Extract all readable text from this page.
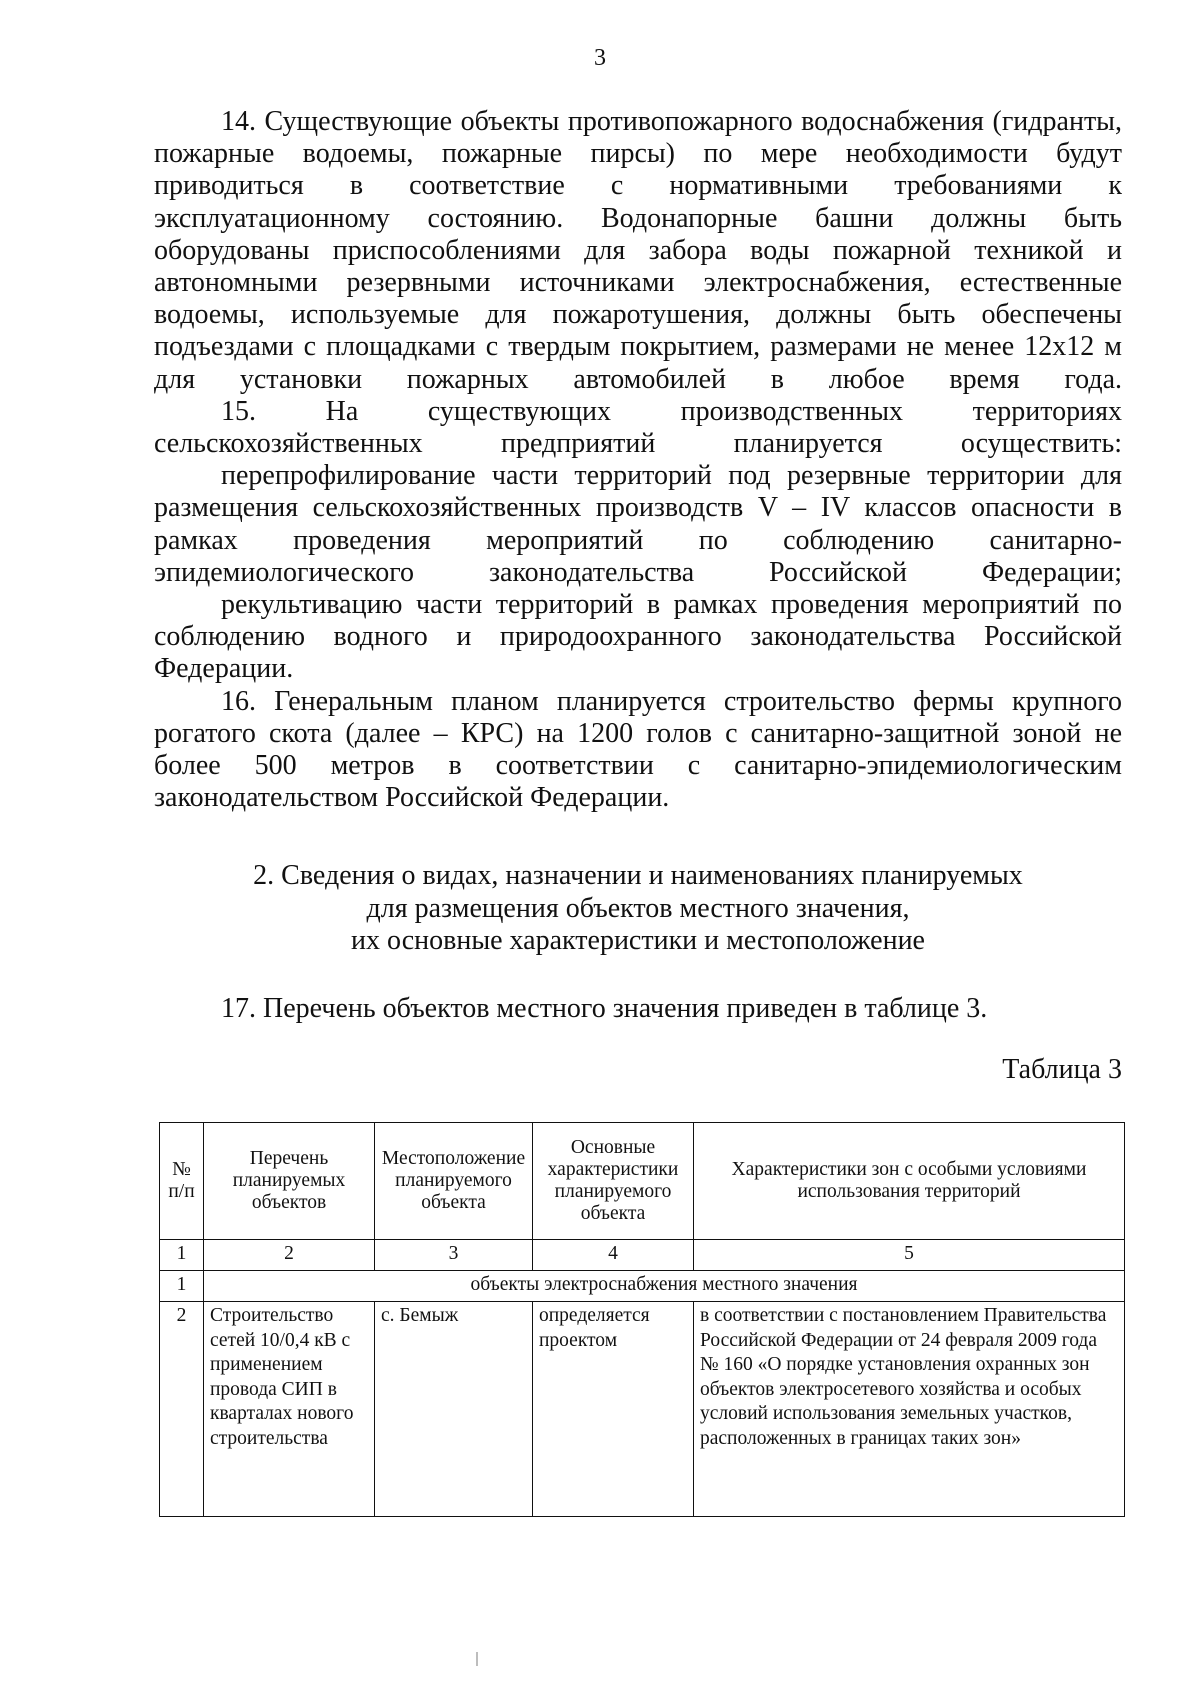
3

14. Существующие объекты противопожарного водоснабжения (гидранты, пожарные водоемы, пожарные пирсы) по мере необходимости будут приводиться в соответствие с нормативными требованиями к эксплуатационному состоянию. Водонапорные башни должны быть оборудованы приспособлениями для забора воды пожарной техникой и автономными резервными источниками электроснабжения, естественные водоемы, используемые для пожаротушения, должны быть обеспечены подъездами с площадками с твердым покрытием, размерами не менее 12х12 м для установки пожарных автомобилей в любое время года.

15. На существующих производственных территориях сельскохозяйственных предприятий планируется осуществить:

перепрофилирование части территорий под резервные территории для размещения сельскохозяйственных производств V – IV классов опасности в рамках проведения мероприятий по соблюдению санитарно- эпидемиологического законодательства Российской Федерации;

рекультивацию части территорий в рамках проведения мероприятий по соблюдению водного и природоохранного законодательства Российской Федерации.

16. Генеральным планом планируется строительство фермы крупного рогатого скота (далее – КРС) на 1200 голов с санитарно-защитной зоной не более 500 метров в соответствии с санитарно-эпидемиологическим законодательством Российской Федерации.

2. Сведения о видах, назначении и наименованиях планируемых
для размещения объектов местного значения,
их основные характеристики и местоположение
17. Перечень объектов местного значения приведен в таблице 3.
Таблица 3
№ п/п	Перечень планируемых объектов	Местоположение планируемого объекта	Основные характеристики планируемого объекта	Характеристики зон с особыми условиями использования территорий
1	2	3	4	5
1	объекты электроснабжения местного значения			
2	Строительство сетей 10/0,4 кВ с применением провода СИП в кварталах нового строительства	с. Бемыж	определяется проектом	в соответствии с постановлением Правительства Российской Федерации от 24 февраля 2009 года № 160 «О порядке установления охранных зон объектов электросетевого хозяйства и особых условий использования земельных участков, расположенных в границах таких зон»
